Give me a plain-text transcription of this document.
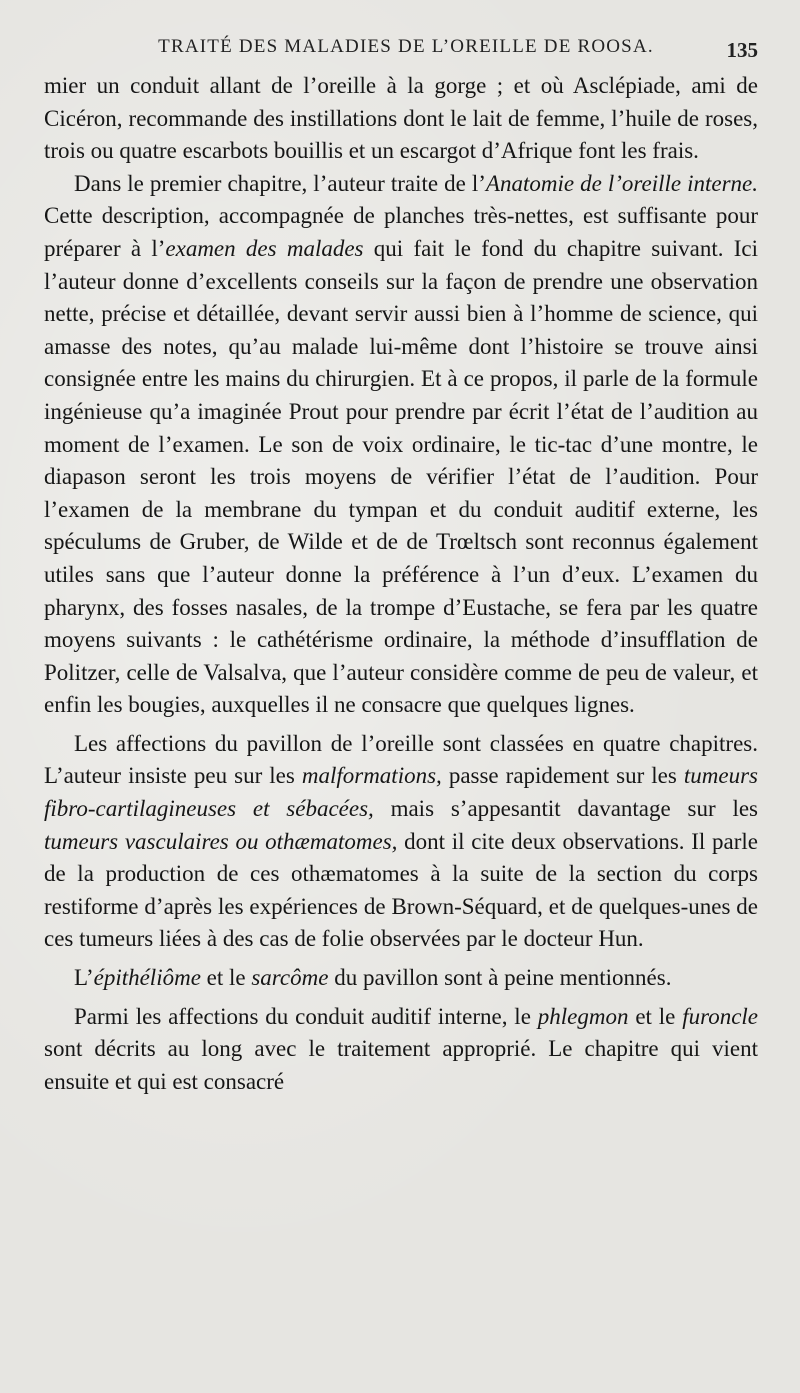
TRAITÉ DES MALADIES DE L’OREILLE DE ROOSA.	135

mier un conduit allant de l’oreille à la gorge ; et où Asclépiade, ami de Cicéron, recommande des instillations dont le lait de femme, l’huile de roses, trois ou quatre escarbots bouillis et un escargot d’Afrique font les frais.

Dans le premier chapitre, l’auteur traite de l’Anatomie de l’oreille interne. Cette description, accompagnée de planches très-nettes, est suffisante pour préparer à l’examen des malades qui fait le fond du chapitre suivant. Ici l’auteur donne d’excellents conseils sur la façon de prendre une observation nette, précise et détaillée, devant servir aussi bien à l’homme de science, qui amasse des notes, qu’au malade lui-même dont l’histoire se trouve ainsi consignée entre les mains du chirurgien. Et à ce propos, il parle de la formule ingénieuse qu’a imaginée Prout pour prendre par écrit l’état de l’audition au moment de l’examen. Le son de voix ordinaire, le tic-tac d’une montre, le diapason seront les trois moyens de vérifier l’état de l’audition. Pour l’examen de la membrane du tympan et du conduit auditif externe, les spéculums de Gruber, de Wilde et de de Trœltsch sont reconnus également utiles sans que l’auteur donne la préférence à l’un d’eux. L’examen du pharynx, des fosses nasales, de la trompe d’Eustache, se fera par les quatre moyens suivants : le cathétérisme ordinaire, la méthode d’insufflation de Politzer, celle de Valsalva, que l’auteur considère comme de peu de valeur, et enfin les bougies, auxquelles il ne consacre que quelques lignes.

Les affections du pavillon de l’oreille sont classées en quatre chapitres. L’auteur insiste peu sur les malformations, passe rapidement sur les tumeurs fibro-cartilagineuses et sébacées, mais s’appesantit davantage sur les tumeurs vasculaires ou othæmatomes, dont il cite deux observations. Il parle de la production de ces othæmatomes à la suite de la section du corps restiforme d’après les expériences de Brown-Séquard, et de quelques-unes de ces tumeurs liées à des cas de folie observées par le docteur Hun.

L’épithéliôme et le sarcôme du pavillon sont à peine mentionnés.

Parmi les affections du conduit auditif interne, le phlegmon et le furoncle sont décrits au long avec le traitement approprié. Le chapitre qui vient ensuite et qui est consacré
